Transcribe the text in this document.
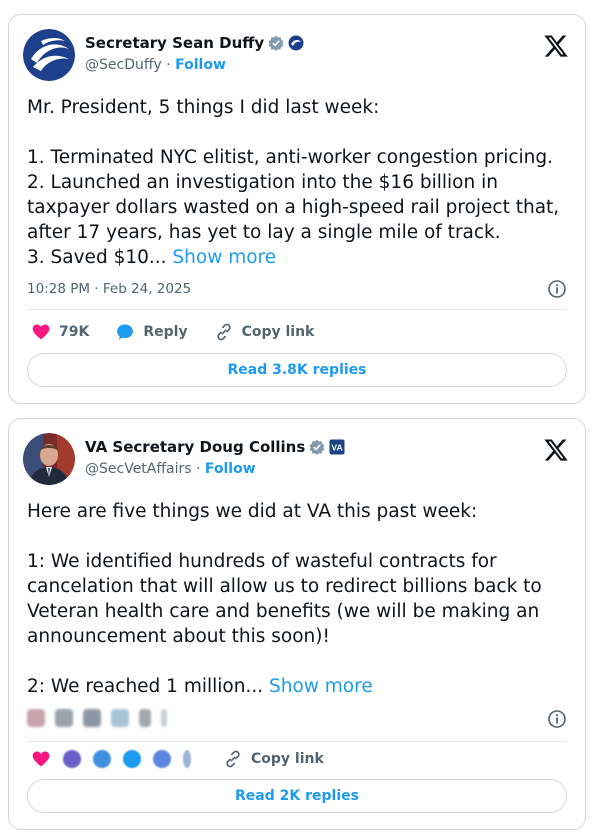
Secretary Sean Duffy
@SecDuffy · Follow
Mr. President, 5 things I did last week:

1. Terminated NYC elitist, anti-worker congestion pricing.
2. Launched an investigation into the $16 billion in taxpayer dollars wasted on a high-speed rail project that, after 17 years, has yet to lay a single mile of track.
3. Saved $10... Show more
10:28 PM · Feb 24, 2025
79K	Reply	Copy link
Read 3.8K replies
VA Secretary Doug Collins	VA
@SecVetAffairs · Follow
Here are five things we did at VA this past week:

1: We identified hundreds of wasteful contracts for cancelation that will allow us to redirect billions back to Veteran health care and benefits (we will be making an announcement about this soon)!

2: We reached 1 million... Show more
Copy link
Read 2K replies
